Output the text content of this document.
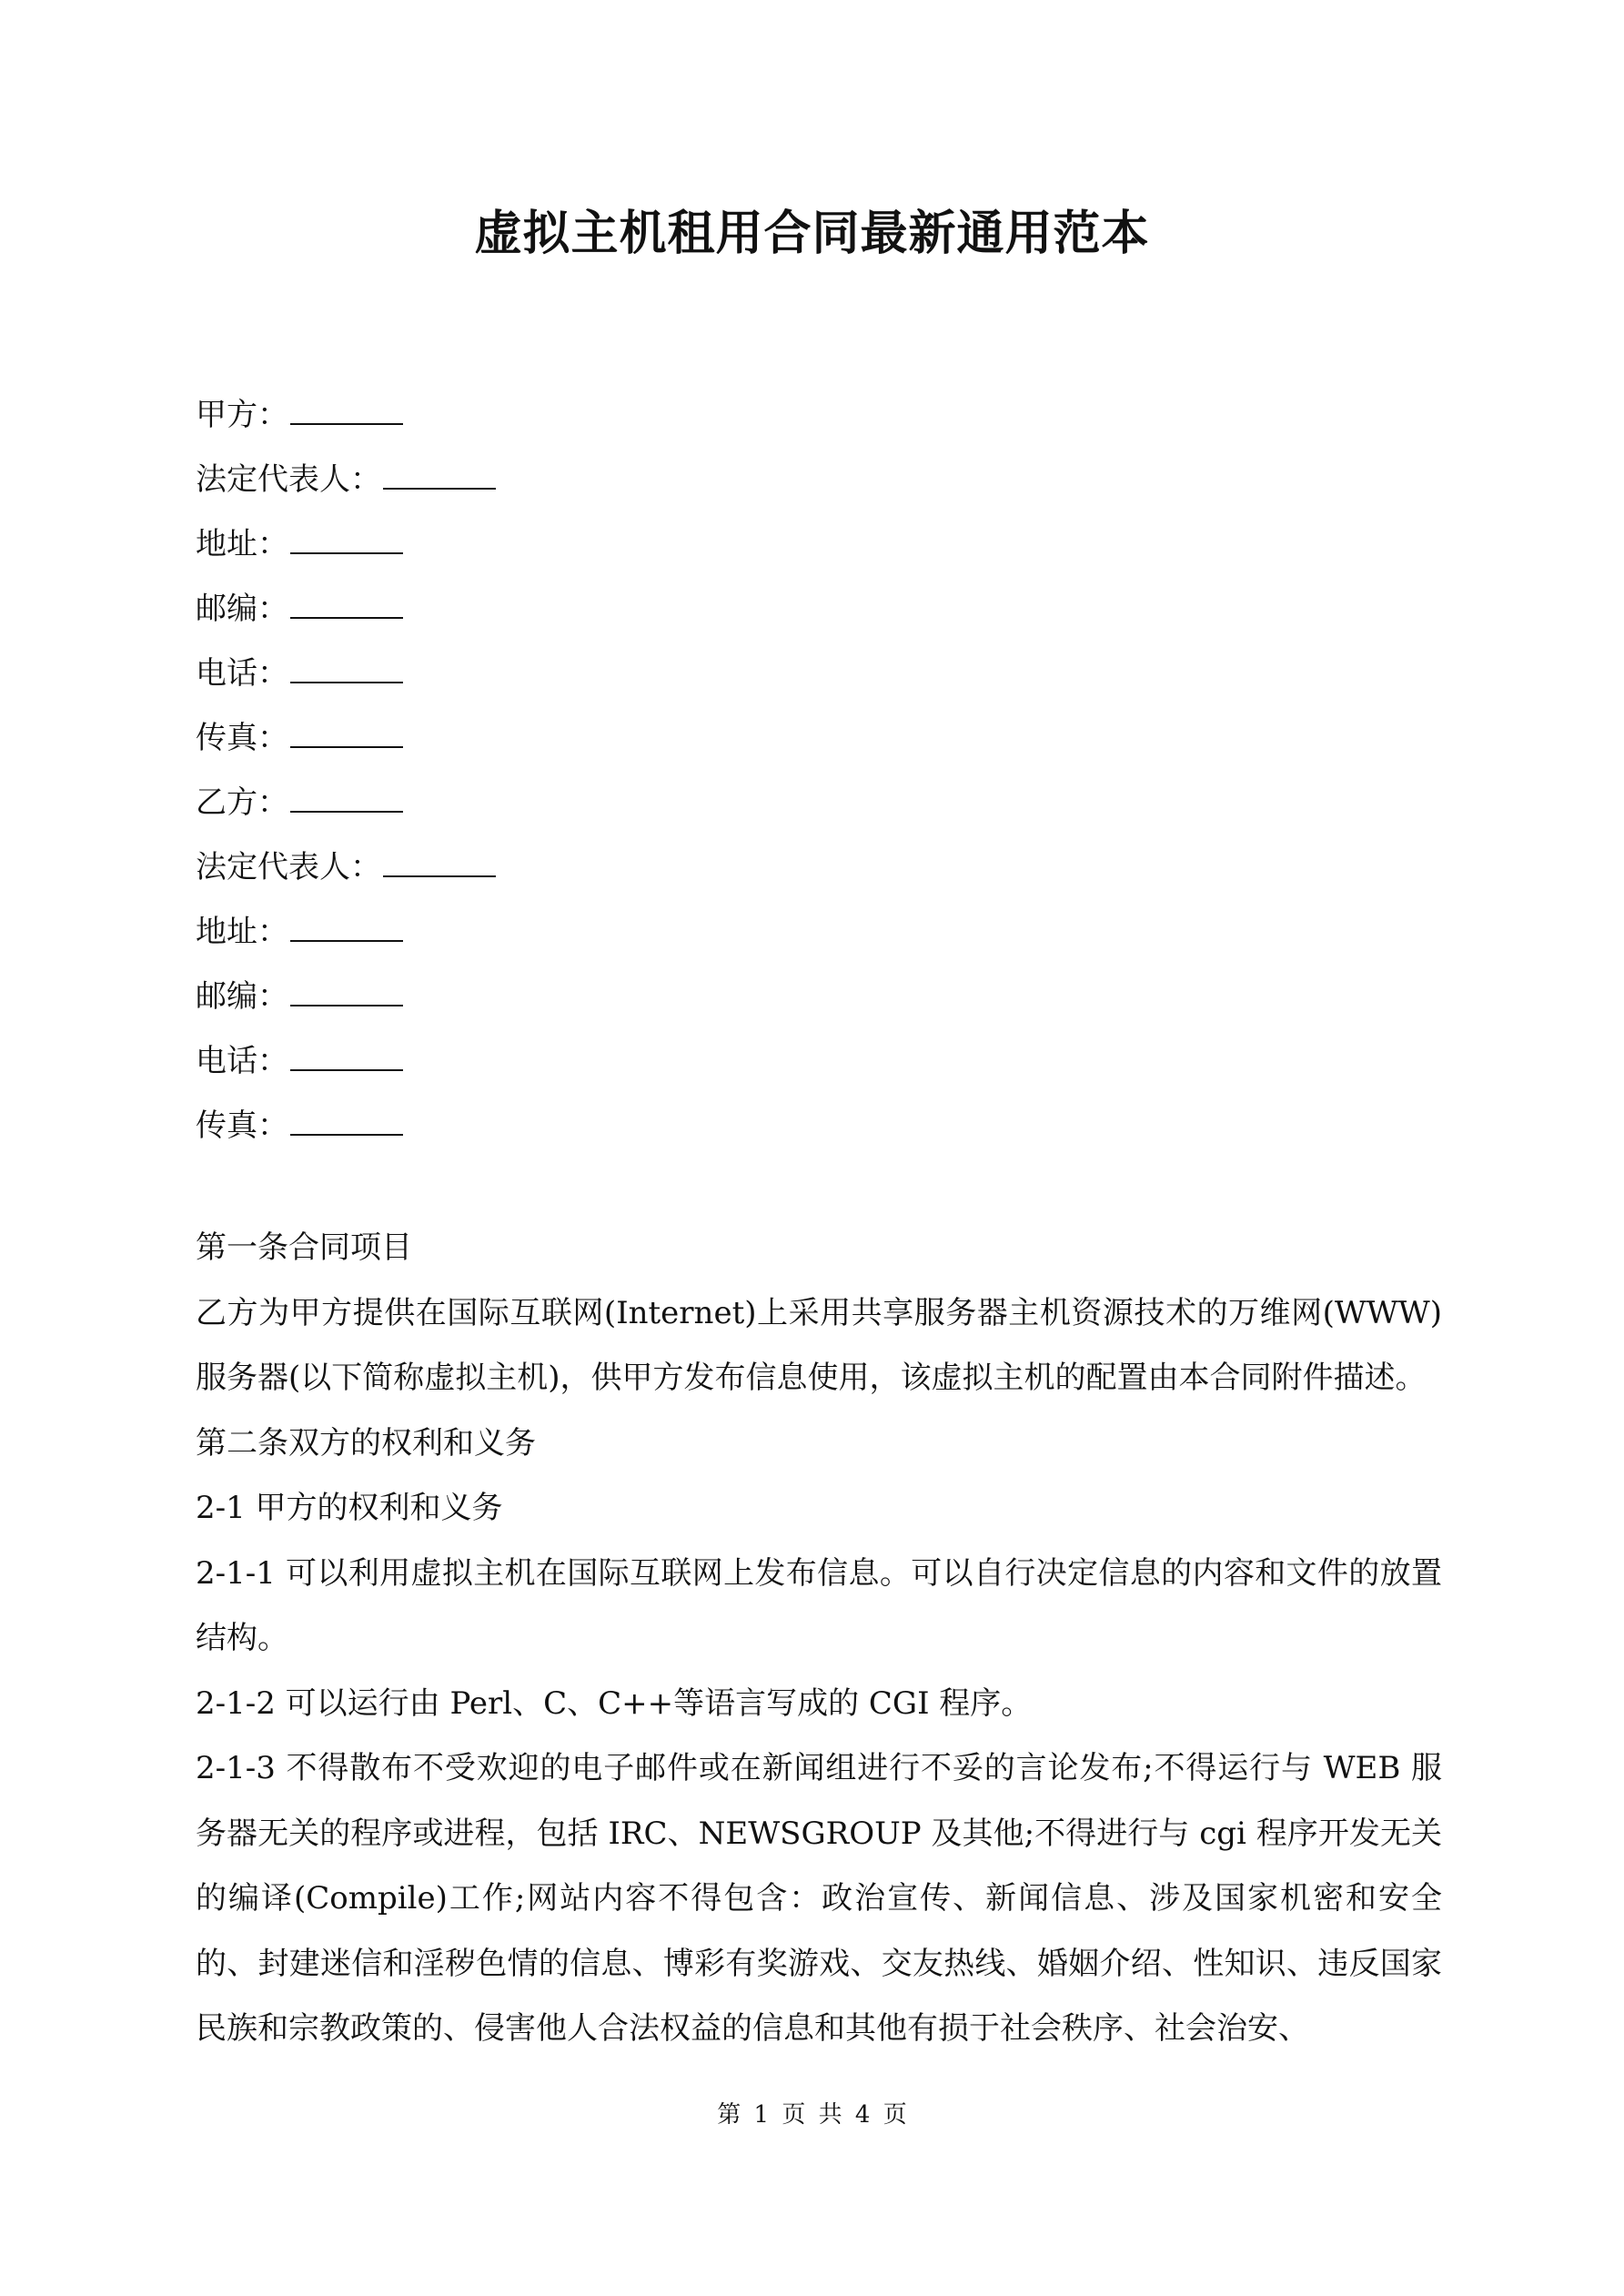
虚拟主机租用合同最新通用范本
甲方：
法定代表人：
地址：
邮编：
电话：
传真：
乙方：
法定代表人：
地址：
邮编：
电话：
传真：

第一条合同项目

乙方为甲方提供在国际互联网(Internet)上采用共享服务器主机资源技术的万维网(WWW)服务器(以下简称虚拟主机)，供甲方发布信息使用，该虚拟主机的配置由本合同附件描述。

第二条双方的权利和义务

2-1 甲方的权利和义务

2-1-1 可以利用虚拟主机在国际互联网上发布信息。可以自行决定信息的内容和文件的放置结构。

2-1-2 可以运行由 Perl、C、C++等语言写成的 CGI 程序。

2-1-3 不得散布不受欢迎的电子邮件或在新闻组进行不妥的言论发布;不得运行与 WEB 服务器无关的程序或进程，包括 IRC、NEWSGROUP 及其他;不得进行与 cgi 程序开发无关的编译(Compile)工作;网站内容不得包含：政治宣传、新闻信息、涉及国家机密和安全的、封建迷信和淫秽色情的信息、博彩有奖游戏、交友热线、婚姻介绍、性知识、违反国家民族和宗教政策的、侵害他人合法权益的信息和其他有损于社会秩序、社会治安、

第 1 页 共 4 页
